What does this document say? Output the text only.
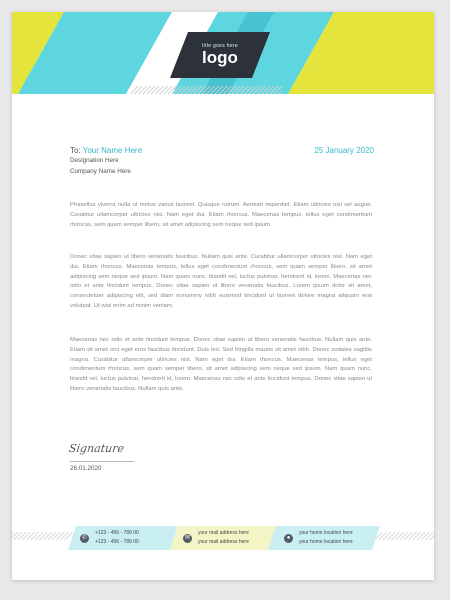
title goes here
logo
To: Your Name Here	25 January 2020
Designation Here
Company Name Here

Phasellus viverra nulla ut metus varius laoreet. Quisque rutrum. Aenean imperdiet. Etiam ultricies nisi vel augue. Curabitur ullamcorper ultricies nisi. Nam eget dui. Etiam rhoncus. Maecenas tempus, tellus eget condimentum rhoncus, sem quam semper libero, sit amet adipiscing sem neque sed ipsum.

Donec vitae sapien ut libero venenatis faucibus. Nullam quis ante. Curabitur ullamcorper ultricies nisi. Nam eget dui. Etiam rhoncus. Maecenas tempus, tellus eget condimentum rhoncus, sem quam semper libero, sit amet adipiscing sem neque sed ipsum. Nam quam nunc, blandit vel, luctus pulvinar, hendrerit id, lorem. Maecenas nec odio et ante tincidunt tempus. Donec vitae sapien ut libero venenatis faucibus. Lorem ipsum dolor sit amet, consectetuer adipiscing elit, sed diam nonummy nibh euismod tincidunt ut laoreet dolore magna aliquam erat volutpat. Ut wisi enim ad minim veniam.

Maecenas nec odio et ante tincidunt tempus. Donec vitae sapien ut libero venenatis faucibus. Nullam quis ante. Etiam sit amet orci eget eros faucibus tincidunt. Duis leo. Sed fringilla mauris sit amet nibh. Donec sodales sagittis magna. Curabitur ullamcorper ultricies nisi. Nam eget dui. Etiam rhoncus. Maecenas tempus, tellus eget condimentum rhoncus, sem quam semper libero, sit amet adipiscing sem neque sed ipsum. Nam quam nunc, blandit vel, luctus pulvinar, hendrerit id, lorem. Maecenas nec odio et ante tincidunt tempus. Donec vitae sapien ut libero venenatis faucibus. Nullam quis ante.

Signature
26.01.2020
✆
+123 - 456 - 789 00
+123 - 456 - 789 00
✉
your mail address here
your mail address here
●
your home location here
your home location here
